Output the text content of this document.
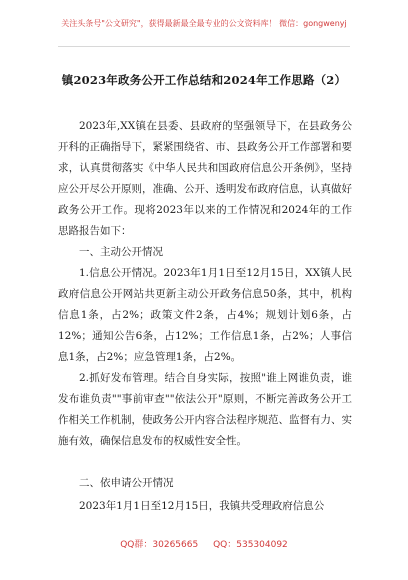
关注头条号"公文研究"，获得最新最全最专业的公文资料库！ 微信：gongwenyj
镇2023年政务公开工作总结和2024年工作思路（2）

2023年,XX镇在县委、县政府的坚强领导下，在县政务公开科的正确指导下，紧紧围绕省、市、县政务公开工作部署和要求，认真贯彻落实《中华人民共和国政府信息公开条例》，坚持应公开尽公开原则，准确、公开、透明发布政府信息，认真做好政务公开工作。现将2023年以来的工作情况和2024年的工作思路报告如下：

一、主动公开情况

1.信息公开情况。2023年1月1日至12月15日，XX镇人民政府信息公开网站共更新主动公开政务信息50条，其中，机构信息1条，占2%；政策文件2条，占4%；规划计划6条，占12%；通知公告6条，占12%；工作信息1条，占2%；人事信息1条，占2%；应急管理1条，占2%。

2.抓好发布管理。结合自身实际，按照"谁上网谁负责，谁发布谁负责""事前审查""依法公开"原则，不断完善政务公开工作相关工作机制，使政务公开内容合法程序规范、监督有力、实施有效，确保信息发布的权威性安全性。

二、依申请公开情况

2023年1月1日至12月15日，我镇共受理政府信息公

QQ群：30265665 QQ：535304092
